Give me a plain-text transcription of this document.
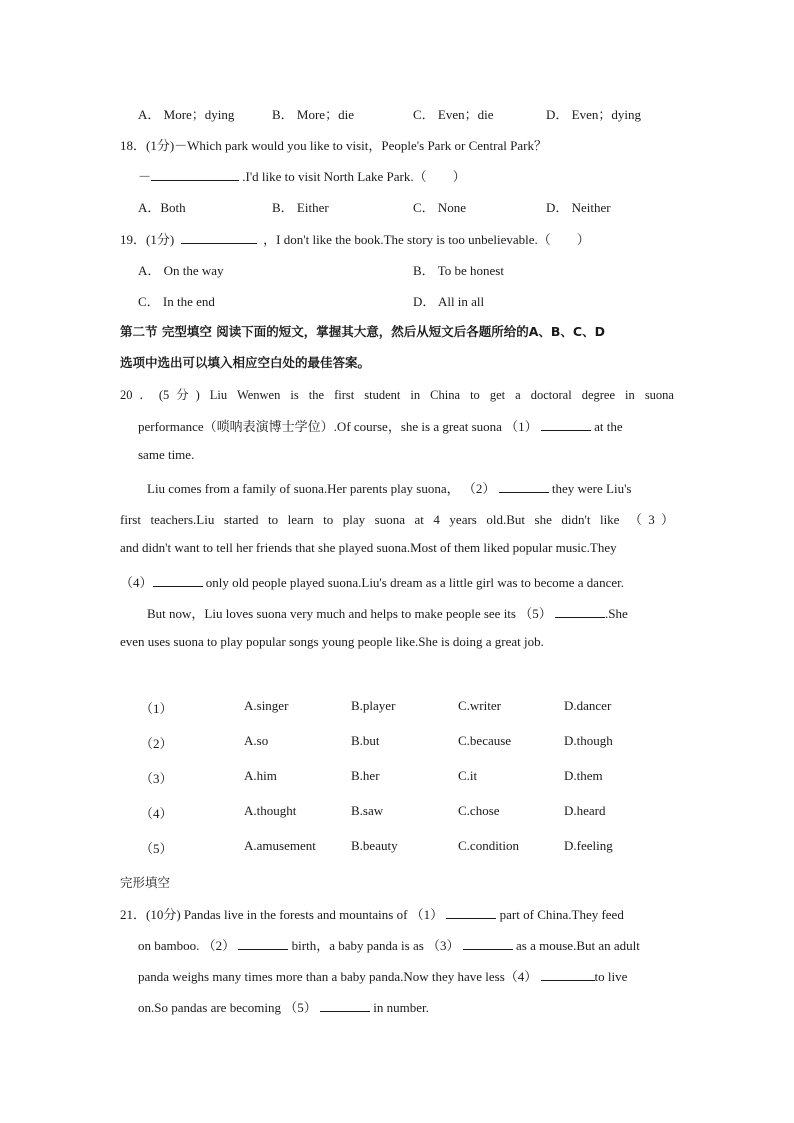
A． More；dying	B． More；die	C． Even；die	D． Even；dying
18．(1分)－Which park would you like to visit，People's Park or Central Park？
－	.I'd like to visit North Lake Park.（　　）
A．Both	B． Either	C． None	D． Neither
19．(1分)	，I don't like the book.The story is too unbelievable.（　　）
A． On the way	B． To be honest
C． In the end	D． All in all
第二节 完型填空 阅读下面的短文，掌握其大意，然后从短文后各题所给的A、B、C、D
选项中选出可以填入相应空白处的最佳答案。
20．(5分) Liu Wenwen is the first student in China to get a doctoral degree in suona
performance（唢呐表演博士学位）.Of course，she is a great suona （1）	at the
same time.
Liu comes from a family of suona.Her parents play suona， （2）	they were Liu's
first teachers.Liu started to learn to play suona at 4 years old.But she didn't like （3）
and didn't want to tell her friends that she played suona.Most of them liked popular music.They
（4）	only old people played suona.Liu's dream as a little girl was to become a dancer.
But now，Liu loves suona very much and helps to make people see its （5）	.She
even uses suona to play popular songs young people like.She is doing a great job.
（1）	A.singer	B.player	C.writer	D.dancer
（2）	A.so	B.but	C.because	D.though
（3）	A.him	B.her	C.it	D.them
（4）	A.thought	B.saw	C.chose	D.heard
（5）	A.amusement	B.beauty	C.condition	D.feeling
完形填空
21．(10分) Pandas live in the forests and mountains of （1）	part of China.They feed
on bamboo. （2）	birth，a baby panda is as （3）	as a mouse.But an adult
panda weighs many times more than a baby panda.Now they have less（4）	to live
on.So pandas are becoming （5）	in number.
